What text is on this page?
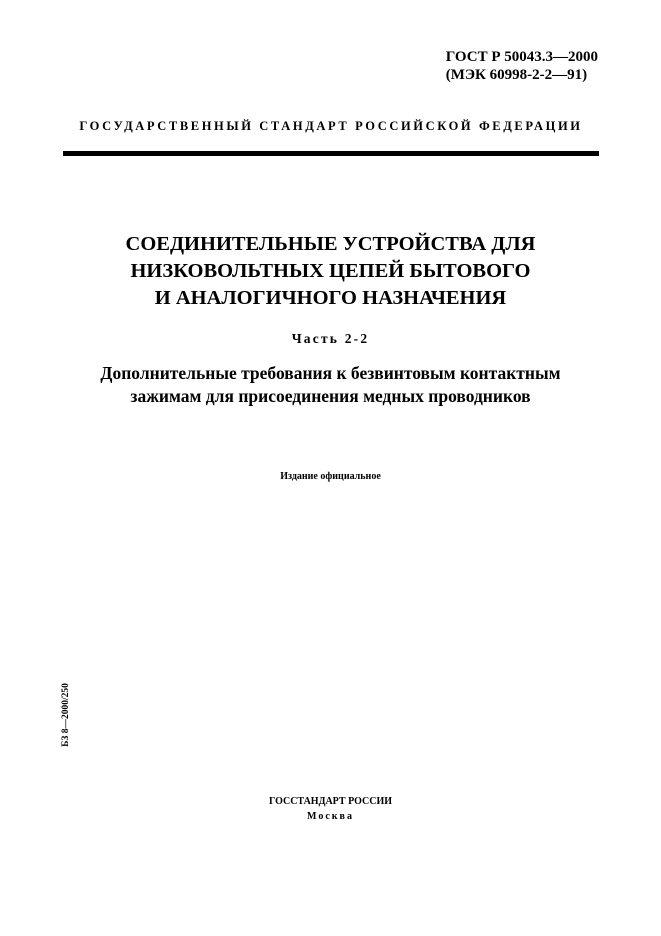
ГОСТ Р 50043.3—2000
(МЭК 60998-2-2—91)
ГОСУДАРСТВЕННЫЙ СТАНДАРТ РОССИЙСКОЙ ФЕДЕРАЦИИ
СОЕДИНИТЕЛЬНЫЕ УСТРОЙСТВА ДЛЯ
НИЗКОВОЛЬТНЫХ ЦЕПЕЙ БЫТОВОГО
И АНАЛОГИЧНОГО НАЗНАЧЕНИЯ
Часть 2-2
Дополнительные требования к безвинтовым контактным
зажимам для присоединения медных проводников
Издание официальное
БЗ 8—2000/250
ГОССТАНДАРТ РОССИИ
Москва
